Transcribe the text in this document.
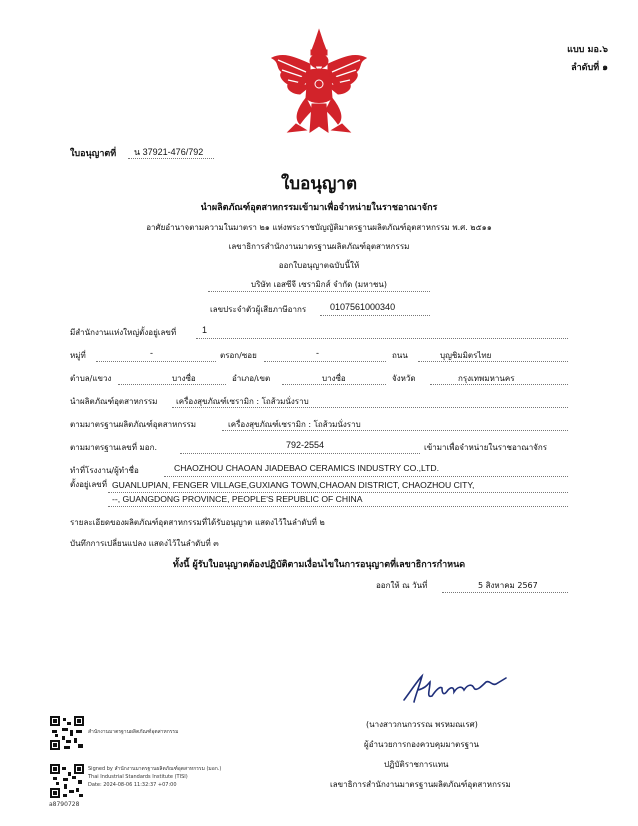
แบบ มอ.๖
ลำดับที่ ๑
ใบอนุญาตที่ น 37921-476/792
ใบอนุญาต
นำผลิตภัณฑ์อุตสาหกรรมเข้ามาเพื่อจำหน่ายในราชอาณาจักร
อาศัยอำนาจตามความในมาตรา ๒๑ แห่งพระราชบัญญัติมาตรฐานผลิตภัณฑ์อุตสาหกรรม พ.ศ. ๒๕๑๑
เลขาธิการสำนักงานมาตรฐานผลิตภัณฑ์อุตสาหกรรม
ออกใบอนุญาตฉบับนี้ให้
บริษัท เอสซีจี เซรามิกส์ จำกัด (มหาชน)
เลขประจำตัวผู้เสียภาษีอากร	0107561000340
มีสำนักงานแห่งใหญ่ตั้งอยู่เลขที่	1
หมู่ที่	-	ตรอก/ซอย	-	ถนน	บุญชิมมิตรไทย
ตำบล/แขวง	บางซื่อ	อำเภอ/เขต	บางซื่อ	จังหวัด	กรุงเทพมหานคร
นำผลิตภัณฑ์อุตสาหกรรม เครื่องสุขภัณฑ์เซรามิก : โถส้วมนั่งราบ
ตามมาตรฐานผลิตภัณฑ์อุตสาหกรรม	เครื่องสุขภัณฑ์เซรามิก : โถส้วมนั่งราบ
ตามมาตรฐานเลขที่ มอก.	792-2554	เข้ามาเพื่อจำหน่ายในราชอาณาจักร
ทำที่โรงงาน/ผู้ทำชื่อ	CHAOZHOU CHAOAN JIADEBAO CERAMICS INDUSTRY CO.,LTD.
ตั้งอยู่เลขที่ GUANLUPIAN, FENGER VILLAGE,GUXIANG TOWN,CHAOAN DISTRICT, CHAOZHOU CITY,
--, GUANGDONG PROVINCE, PEOPLE'S REPUBLIC OF CHINA
รายละเอียดของผลิตภัณฑ์อุตสาหกรรมที่ได้รับอนุญาต แสดงไว้ในลำดับที่ ๒
บันทึกการเปลี่ยนแปลง แสดงไว้ในลำดับที่ ๓
ทั้งนี้ ผู้รับใบอนุญาตต้องปฏิบัติตามเงื่อนไขในการอนุญาตที่เลขาธิการกำหนด
ออกให้ ณ วันที่	5 สิงหาคม 2567
(นางสาวกนกวรรณ พรหมณเรศ)
ผู้อำนวยการกองควบคุมมาตรฐาน
ปฏิบัติราชการแทน
เลขาธิการสำนักงานมาตรฐานผลิตภัณฑ์อุตสาหกรรม
สำนักงานมาตรฐานผลิตภัณฑ์อุตสาหกรรม
Signed by สำนักงานมาตรฐานผลิตภัณฑ์อุตสาหกรรม (มอก.)
Thai Industrial Standards Institute (TISI)
Date: 2024-08-06 11:32:37 +07:00
a8790728
